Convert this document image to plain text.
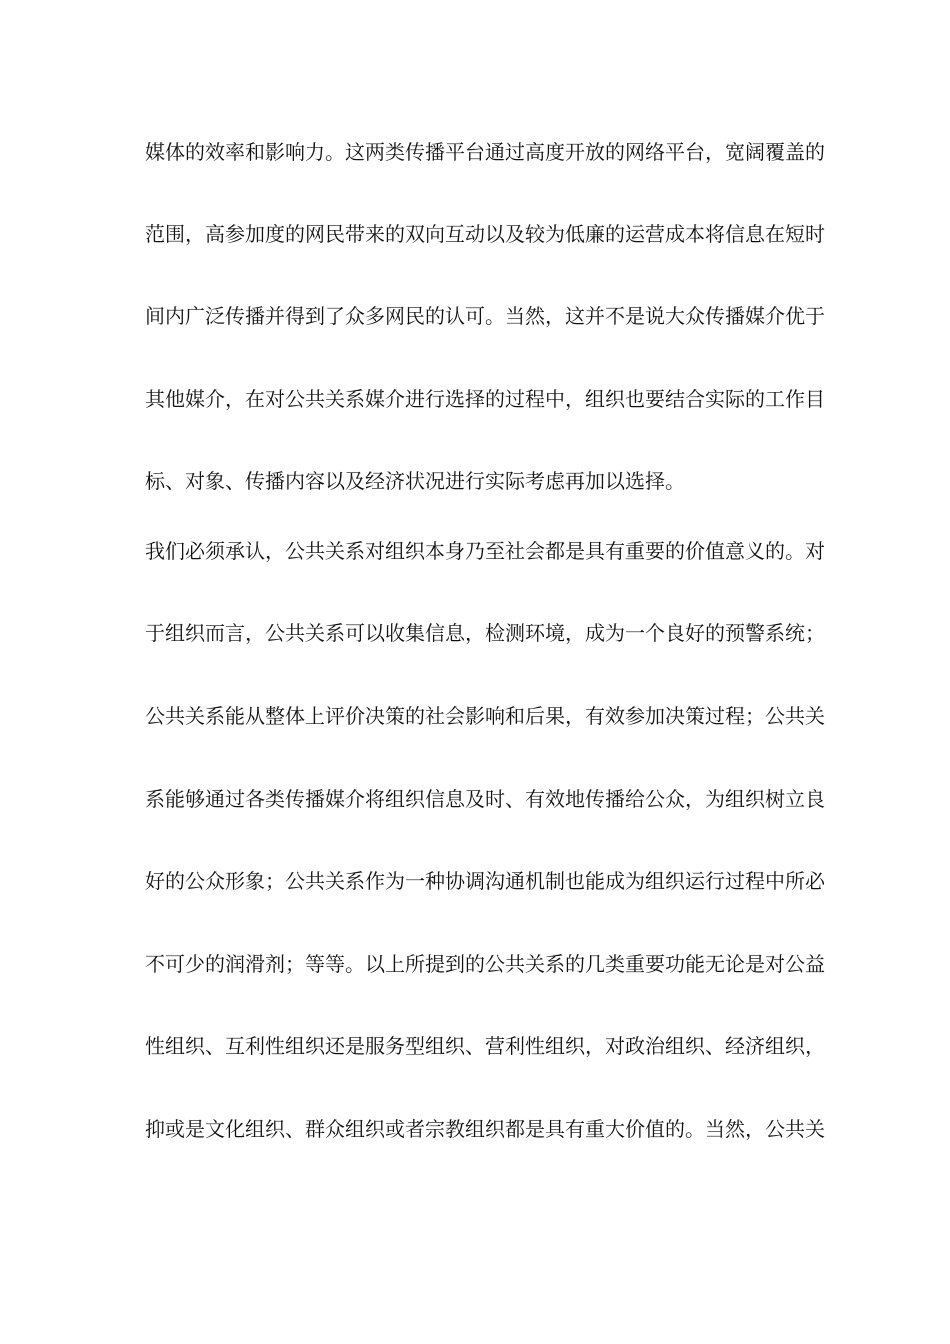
媒体的效率和影响力。这两类传播平台通过高度开放的网络平台，宽阔覆盖的
范围，高参加度的网民带来的双向互动以及较为低廉的运营成本将信息在短时
间内广泛传播并得到了众多网民的认可。当然，这并不是说大众传播媒介优于
其他媒介，在对公共关系媒介进行选择的过程中，组织也要结合实际的工作目
标、对象、传播内容以及经济状况进行实际考虑再加以选择。
我们必须承认，公共关系对组织本身乃至社会都是具有重要的价值意义的。对
于组织而言，公共关系可以收集信息，检测环境，成为一个良好的预警系统；
公共关系能从整体上评价决策的社会影响和后果，有效参加决策过程；公共关
系能够通过各类传播媒介将组织信息及时、有效地传播给公众，为组织树立良
好的公众形象；公共关系作为一种协调沟通机制也能成为组织运行过程中所必
不可少的润滑剂；等等。以上所提到的公共关系的几类重要功能无论是对公益
性组织、互利性组织还是服务型组织、营利性组织，对政治组织、经济组织，
抑或是文化组织、群众组织或者宗教组织都是具有重大价值的。当然，公共关
